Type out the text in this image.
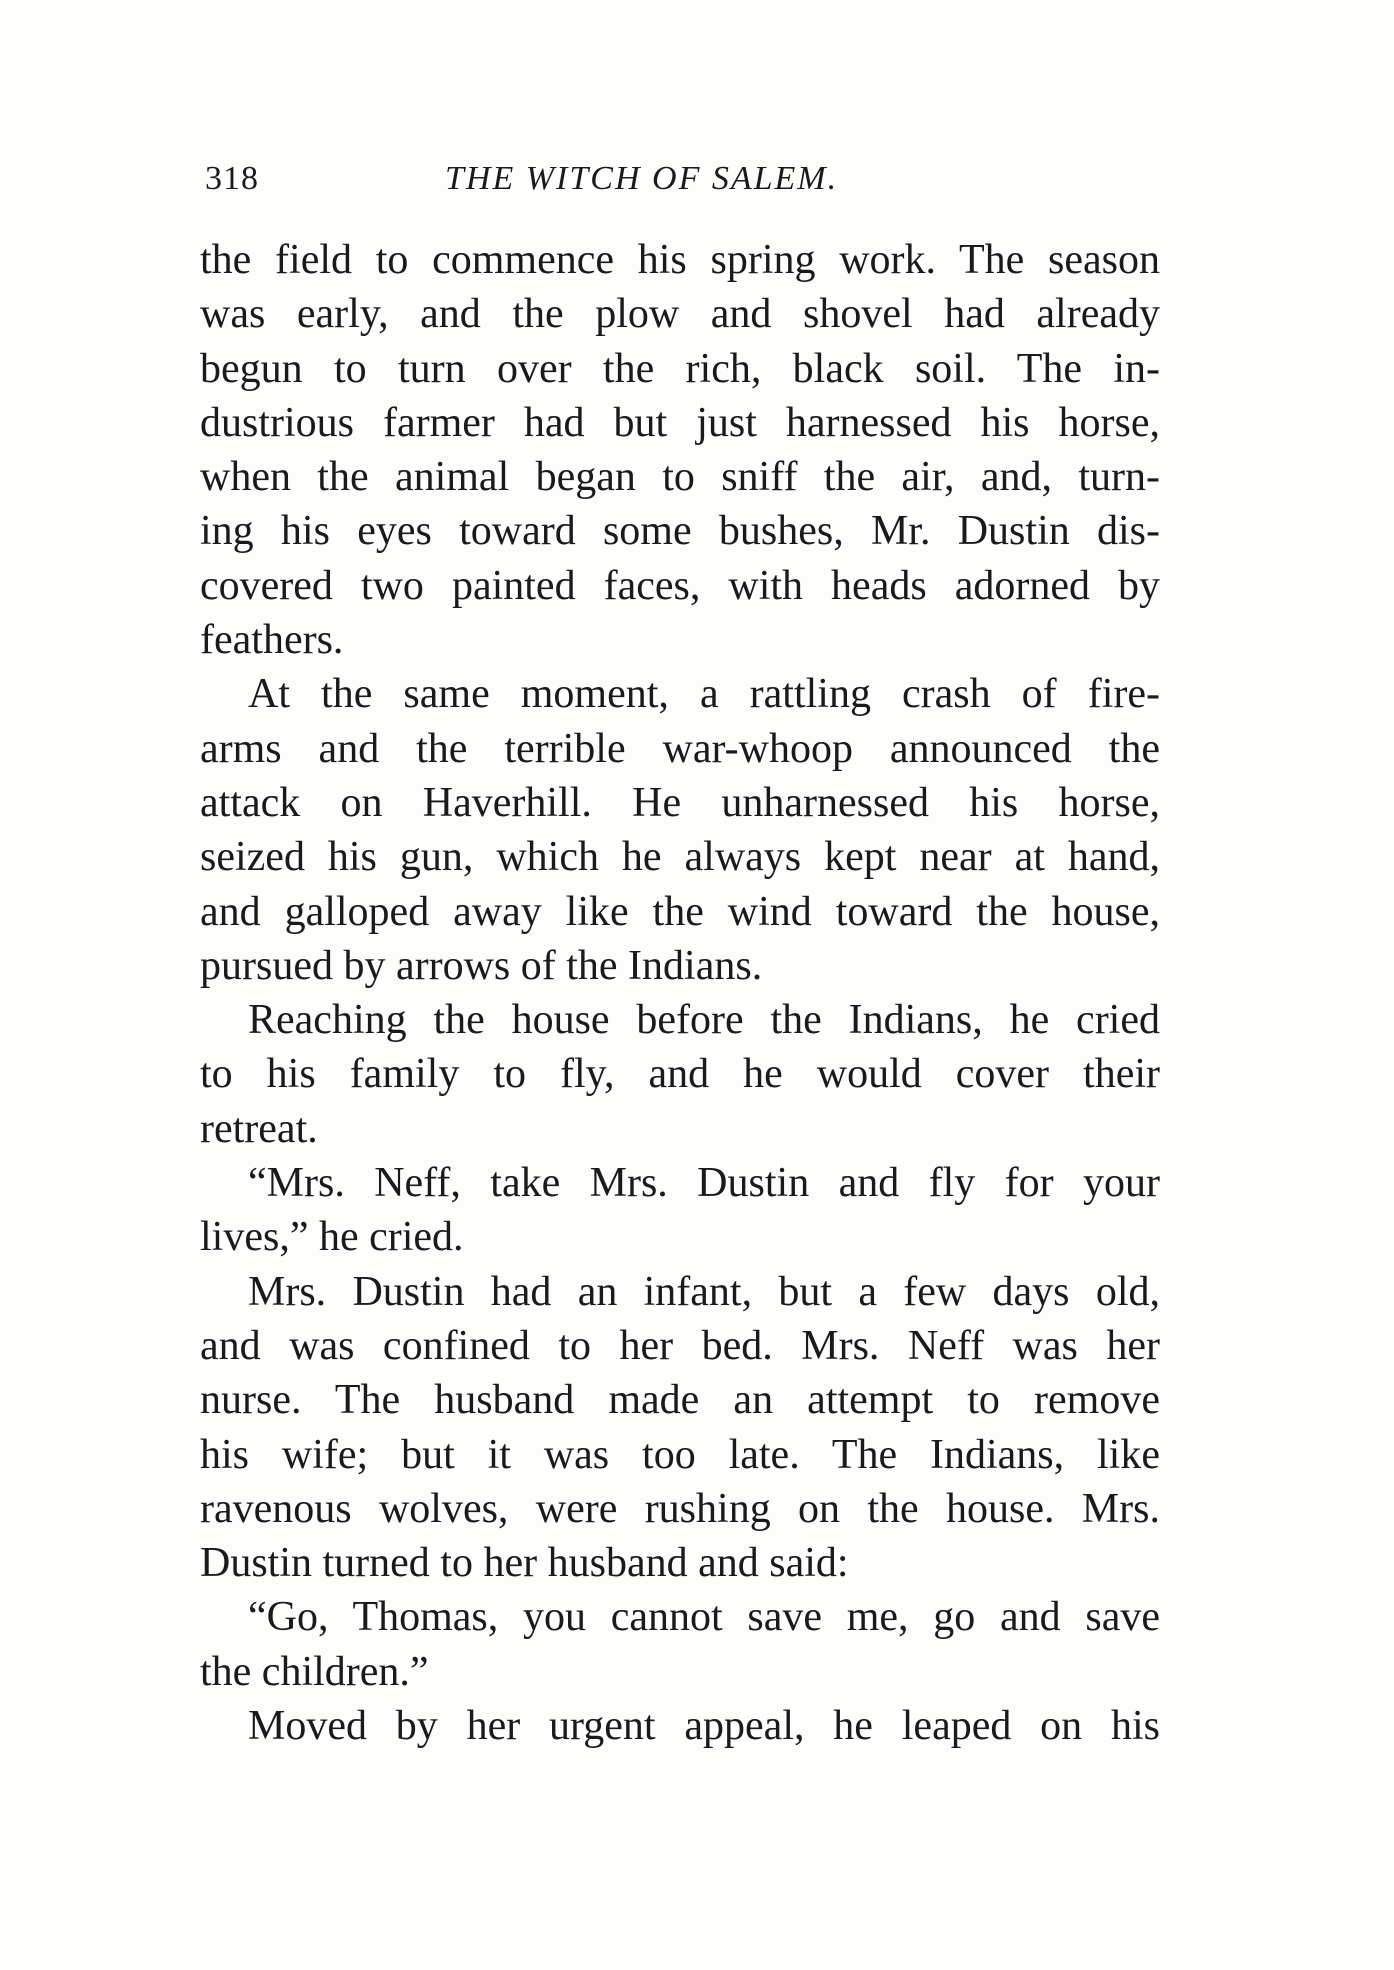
318	THE WITCH OF SALEM.
the field to commence his spring work. The season
was early, and the plow and shovel had already
begun to turn over the rich, black soil. The in-
dustrious farmer had but just harnessed his horse,
when the animal began to sniff the air, and, turn-
ing his eyes toward some bushes, Mr. Dustin dis-
covered two painted faces, with heads adorned by
feathers.
At the same moment, a rattling crash of fire-
arms and the terrible war-whoop announced the
attack on Haverhill. He unharnessed his horse,
seized his gun, which he always kept near at hand,
and galloped away like the wind toward the house,
pursued by arrows of the Indians.
Reaching the house before the Indians, he cried
to his family to fly, and he would cover their
retreat.
“Mrs. Neff, take Mrs. Dustin and fly for your
lives,” he cried.
Mrs. Dustin had an infant, but a few days old,
and was confined to her bed. Mrs. Neff was her
nurse. The husband made an attempt to remove
his wife; but it was too late. The Indians, like
ravenous wolves, were rushing on the house. Mrs.
Dustin turned to her husband and said:
“Go, Thomas, you cannot save me, go and save
the children.”
Moved by her urgent appeal, he leaped on his
